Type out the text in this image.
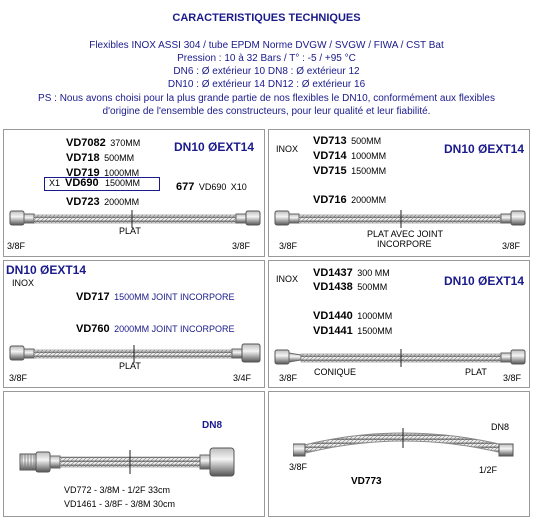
CARACTERISTIQUES TECHNIQUES
Flexibles INOX ASSI 304 / tube EPDM Norme DVGW / SVGW / FIWA / CST Bat
Pression : 10 à 32 Bars / T° : -5 / +95 °C
DN6 : Ø extérieur 10 DN8 : Ø extérieur 12
DN10 : Ø extérieur 14 DN12 : Ø extérieur 16
PS : Nous avons choisi pour la plus grande partie de nos flexibles le DN10, conformément aux flexibles
d'origine de l'ensemble des constructeurs, pour leur qualité et leur fiabilité.
VD7082 370MM
VD718 500MM
VD719 1000MM
X1 VD690 1500MM	677 VD690 X10
VD723 2000MM
DN10 ØEXT14
3/8F
PLAT
3/8F
INOX
VD713 500MM
VD714 1000MM
VD715 1500MM
VD716 2000MM
DN10 ØEXT14
3/8F
PLAT AVEC JOINT
INCORPORE	3/8F
DN10 ØEXT14
INOX
VD717 1500MM JOINT INCORPORE
VD760 2000MM JOINT INCORPORE
3/8F
PLAT
3/4F
INOX VD1437 300 MM
VD1438 500MM
VD1440 1000MM
VD1441 1500MM
DN10 ØEXT14
3/8F
CONIQUE	PLAT
3/8F
DN8
VD772 - 3/8M - 1/2F 33cm
VD1461 - 3/8F - 3/8M 30cm
DN8
3/8F	1/2F
VD773
